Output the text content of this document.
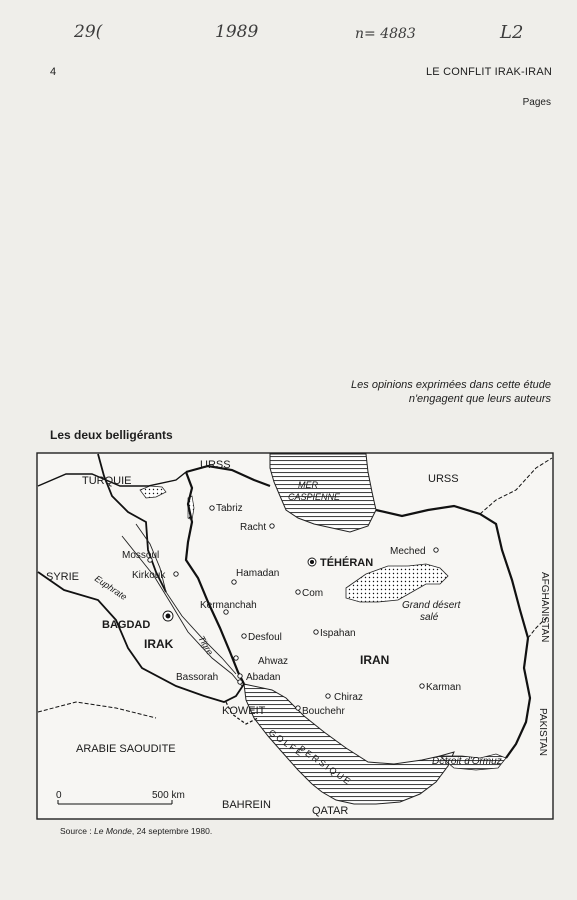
29(	1989	n= 4883	L2
4	LE CONFLIT IRAK-IRAN
Pages
Les opinions exprimées dans cette étude
n'engagent que leurs auteurs
Les deux belligérants
URSS
URSS
TURQUIE
SYRIE
MER
CASPIENNE
Tabriz
Racht
TÉHÉRAN
Meched
Mossoul
Kirkouk	Hamadan
Com
Kermanchah
BAGDAD
IRAK
Euphrate
Tigre	Desfoul	Ispahan
IRAN
Grand désert
salé
Ahwaz
Abadan
Bassorah
Chiraz
Karman
KOWEIT	Bouchehr
ARABIE SAOUDITE	GOLFE
PERSIQUE	Détroit d'Ormuz
BAHREIN	QATAR
AFGHANISTAN
PAKISTAN
0	500 km
Source : Le Monde, 24 septembre 1980.
